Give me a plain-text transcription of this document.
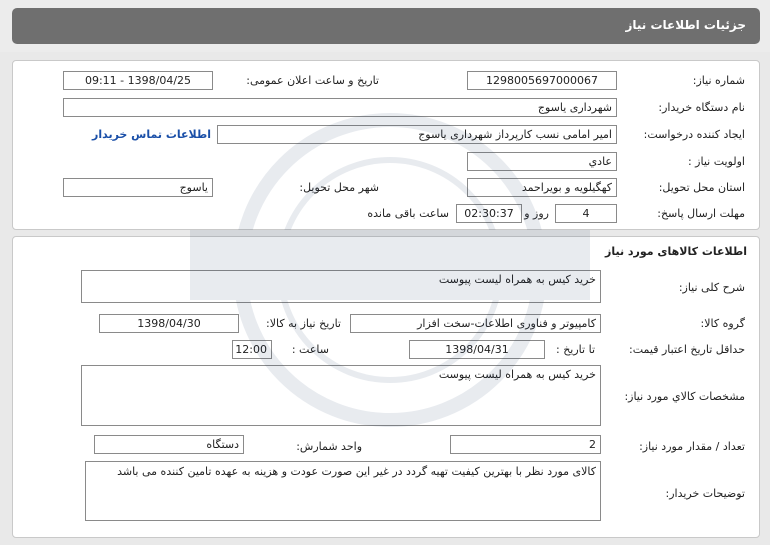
جزئیات اطلاعات نیاز
شماره نیاز:
1298005697000067
تاریخ و ساعت اعلان عمومی:
1398/04/25 - 09:11
نام دستگاه خریدار:
شهرداری یاسوج
ایجاد کننده درخواست:
امیر امامی نسب کارپرداز شهرداری یاسوج
اطلاعات تماس خریدار
اولویت نیاز :
عادي
استان محل تحویل:
کهگیلویه و بویراحمد
شهر محل تحویل:
یاسوج
مهلت ارسال پاسخ:
4
روز و
02:30:37
ساعت باقی مانده
اطلاعات کالاهای مورد نیاز
شرح کلی نیاز:
خرید کیس به همراه لیست پیوست
گروه کالا:
کامپیوتر و فناوری اطلاعات-سخت افزار
تاریخ نیاز به کالا:
1398/04/30
حداقل تاریخ اعتبار قیمت:
تا تاریخ :
1398/04/31
ساعت :
12:00
مشخصات کالاي مورد نیاز:
خرید کیس به همراه لیست پیوست
تعداد / مقدار مورد نیاز:
2
واحد شمارش:
دستگاه
توضیحات خریدار:
کالای مورد نظر با بهترین کیفیت تهیه گردد در غیر این صورت عودت و هزینه به عهده تامین کننده می باشد
